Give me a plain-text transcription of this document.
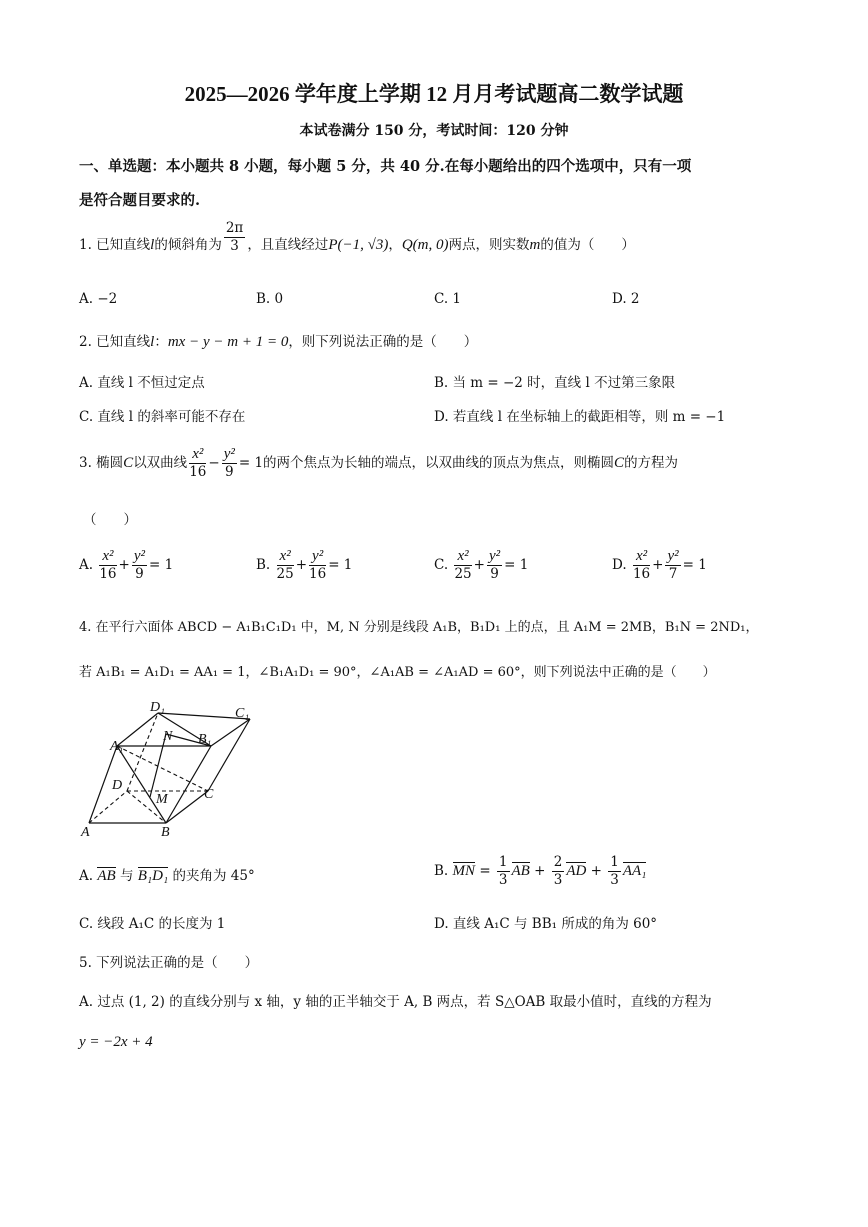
2025—2026 学年度上学期 12 月月考试题高二数学试题
本试卷满分 150 分，考试时间：120 分钟
一、单选题：本小题共 8 小题，每小题 5 分，共 40 分.在每小题给出的四个选项中，只有一项
是符合题目要求的.
1. 已知直线l的倾斜角为 $\frac{2\pi}{3}$ ，且直线经过P(−1, √3)，Q(m, 0)两点，则实数m的值为（　　）
A. −2	B. 0	C. 1	D. 2
2. 已知直线l：mx − y − m + 1 = 0，则下列说法正确的是（　　）
A. 直线 l 不恒过定点	B. 当 m = −2 时，直线 l 不过第三象限
C. 直线 l 的斜率可能不存在	D. 若直线 l 在坐标轴上的截距相等，则 m = −1
3. 椭圆C以双曲线 $\frac{\text{x²}}{16} - \frac{\text{y²}}{9} = 1$的两个焦点为长轴的端点，以双曲线的顶点为焦点，则椭圆C的方程为
（　　）
A. $\frac{\text{x²}}{16} + \frac{\text{y²}}{9} = 1$	B. $\frac{\text{x²}}{25} + \frac{\text{y²}}{16} = 1$	C. $\frac{\text{x²}}{25} + \frac{\text{y²}}{9} = 1$	D. $\frac{\text{x²}}{16} + \frac{\text{y²}}{7} = 1$
4. 在平行六面体 ABCD − A₁B₁C₁D₁ 中，M, N 分别是线段 A₁B，B₁D₁ 上的点，且 A₁M = 2MB，B₁N = 2ND₁，
若 A₁B₁ = A₁D₁ = AA₁ = 1，∠B₁A₁D₁ = 90°，∠A₁AB = ∠A₁AD = 60°，则下列说法中正确的是（　　）
D₁	C₁
A₁
N B₁
D
M	C
A	B
A. AB 与 B₁D₁ 的夹角为 45°	B. MN = $\frac{1}{3}$ AB + $\frac{2}{3}$ AD + $\frac{1}{3} AA_1$
C. 线段 A₁C 的长度为 1	D. 直线 A₁C 与 BB₁ 所成的角为 60°
5. 下列说法正确的是（　　）
A. 过点 (1, 2) 的直线分别与 x 轴，y 轴的正半轴交于 A, B 两点，若 S△OAB 取最小值时，直线的方程为
y = −2x + 4
